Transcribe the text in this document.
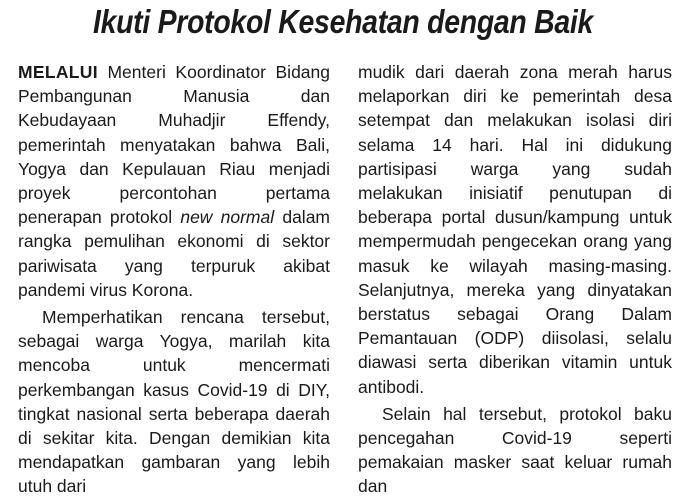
Ikuti Protokol Kesehatan dengan Baik

MELALUI Menteri Koordinator Bidang Pembangunan Manusia dan Kebudayaan Muhadjir Effendy, pemerintah menyatakan bahwa Bali, Yogya dan Kepulauan Riau menjadi proyek percontohan pertama penerapan protokol new normal dalam rangka pemulihan ekonomi di sektor pariwisata yang terpuruk akibat pandemi virus Korona.

Memperhatikan rencana tersebut, sebagai warga Yogya, marilah kita mencoba untuk mencermati perkembangan kasus Covid-19 di DIY, tingkat nasional serta beberapa daerah di sekitar kita. Dengan demikian kita mendapatkan gambaran yang lebih utuh dari

mudik dari daerah zona merah harus melaporkan diri ke pemerintah desa setempat dan melakukan isolasi diri selama 14 hari. Hal ini didukung partisipasi warga yang sudah melakukan inisiatif penutupan di beberapa portal dusun/kampung untuk mempermudah pengecekan orang yang masuk ke wilayah masing-masing. Selanjutnya, mereka yang dinyatakan berstatus sebagai Orang Dalam Pemantauan (ODP) diisolasi, selalu diawasi serta diberikan vitamin untuk antibodi.

Selain hal tersebut, protokol baku pencegahan Covid-19 seperti pemakaian masker saat keluar rumah dan
